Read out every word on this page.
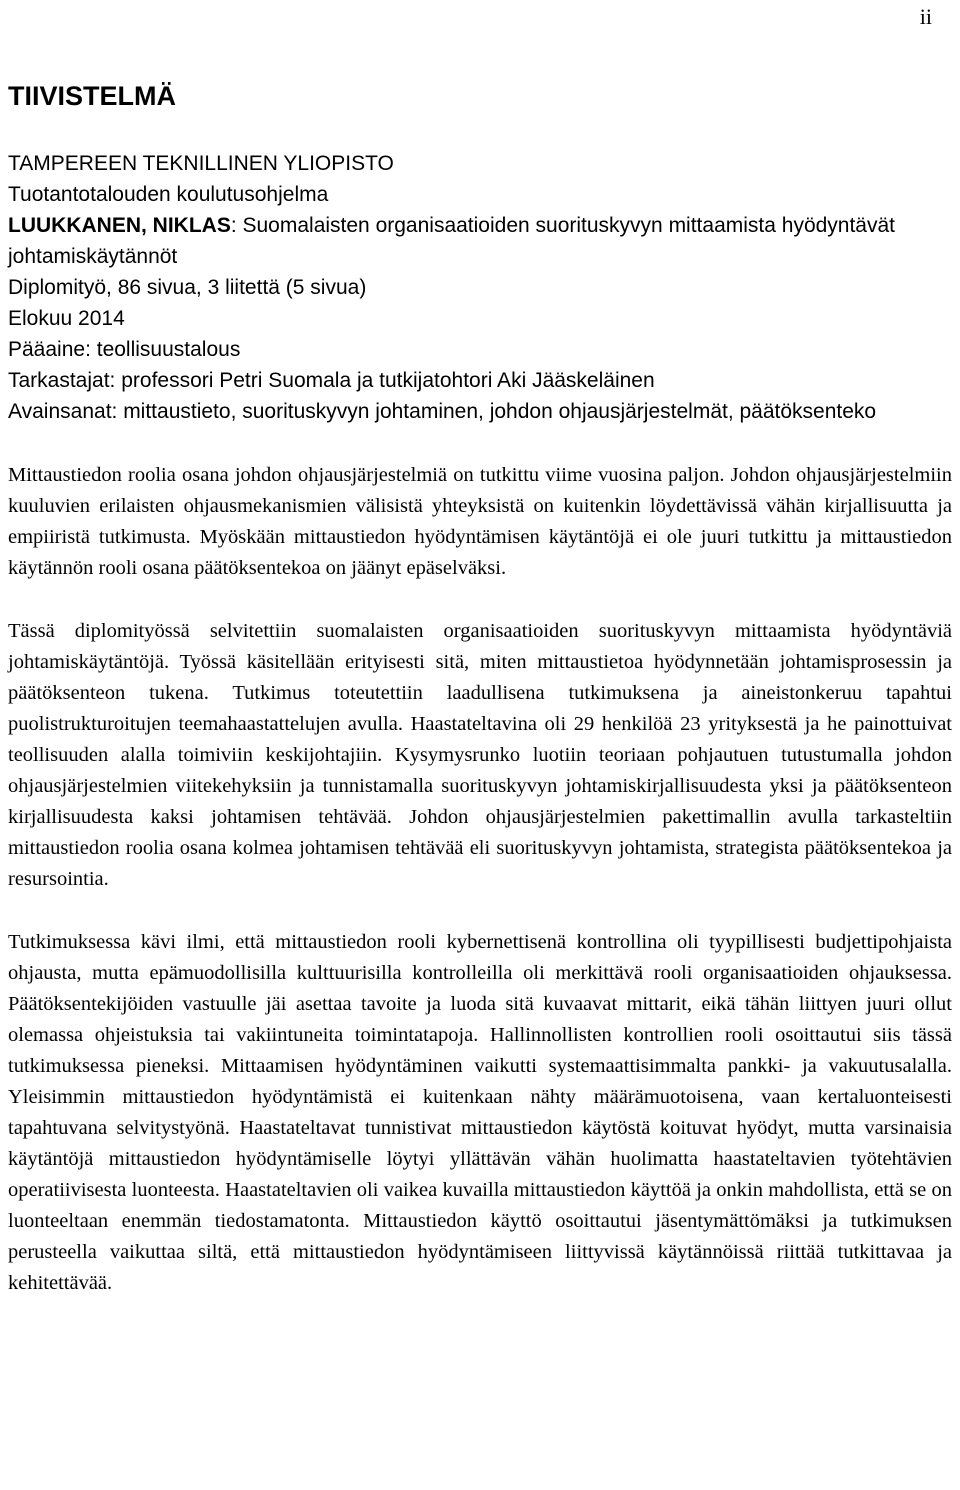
ii
TIIVISTELMÄ
TAMPEREEN TEKNILLINEN YLIOPISTO
Tuotantotalouden koulutusohjelma
LUUKKANEN, NIKLAS: Suomalaisten organisaatioiden suorituskyvyn mittaamista hyödyntävät johtamiskäytännöt
Diplomityö, 86 sivua, 3 liitettä (5 sivua)
Elokuu 2014
Pääaine: teollisuustalous
Tarkastajat: professori Petri Suomala ja tutkijatohtori Aki Jääskeläinen
Avainsanat: mittaustieto, suorituskyvyn johtaminen, johdon ohjausjärjestelmät, päätöksenteko

Mittaustiedon roolia osana johdon ohjausjärjestelmiä on tutkittu viime vuosina paljon. Johdon ohjausjärjestelmiin kuuluvien erilaisten ohjausmekanismien välisistä yhteyksistä on kuitenkin löydettävissä vähän kirjallisuutta ja empiiristä tutkimusta. Myöskään mittaustiedon hyödyntämisen käytäntöjä ei ole juuri tutkittu ja mittaustiedon käytännön rooli osana päätöksentekoa on jäänyt epäselväksi.

Tässä diplomityössä selvitettiin suomalaisten organisaatioiden suorituskyvyn mittaamista hyödyntäviä johtamiskäytäntöjä. Työssä käsitellään erityisesti sitä, miten mittaustietoa hyödynnetään johtamisprosessin ja päätöksenteon tukena. Tutkimus toteutettiin laadullisena tutkimuksena ja aineistonkeruu tapahtui puolistrukturoitujen teemahaastattelujen avulla. Haastateltavina oli 29 henkilöä 23 yrityksestä ja he painottuivat teollisuuden alalla toimiviin keskijohtajiin. Kysymysrunko luotiin teoriaan pohjautuen tutustumalla johdon ohjausjärjestelmien viitekehyksiin ja tunnistamalla suorituskyvyn johtamiskirjallisuudesta yksi ja päätöksenteon kirjallisuudesta kaksi johtamisen tehtävää. Johdon ohjausjärjestelmien pakettimallin avulla tarkasteltiin mittaustiedon roolia osana kolmea johtamisen tehtävää eli suorituskyvyn johtamista, strategista päätöksentekoa ja resursointia.

Tutkimuksessa kävi ilmi, että mittaustiedon rooli kybernettisenä kontrollina oli tyypillisesti budjettipohjaista ohjausta, mutta epämuodollisilla kulttuurisilla kontrolleilla oli merkittävä rooli organisaatioiden ohjauksessa. Päätöksentekijöiden vastuulle jäi asettaa tavoite ja luoda sitä kuvaavat mittarit, eikä tähän liittyen juuri ollut olemassa ohjeistuksia tai vakiintuneita toimintatapoja. Hallinnollisten kontrollien rooli osoittautui siis tässä tutkimuksessa pieneksi. Mittaamisen hyödyntäminen vaikutti systemaattisimmalta pankki- ja vakuutusalalla. Yleisimmin mittaustiedon hyödyntämistä ei kuitenkaan nähty määrämuotoisena, vaan kertaluonteisesti tapahtuvana selvitystyönä. Haastateltavat tunnistivat mittaustiedon käytöstä koituvat hyödyt, mutta varsinaisia käytäntöjä mittaustiedon hyödyntämiselle löytyi yllättävän vähän huolimatta haastateltavien työtehtävien operatiivisesta luonteesta. Haastateltavien oli vaikea kuvailla mittaustiedon käyttöä ja onkin mahdollista, että se on luonteeltaan enemmän tiedostamatonta. Mittaustiedon käyttö osoittautui jäsentymättömäksi ja tutkimuksen perusteella vaikuttaa siltä, että mittaustiedon hyödyntämiseen liittyvissä käytännöissä riittää tutkittavaa ja kehitettävää.
